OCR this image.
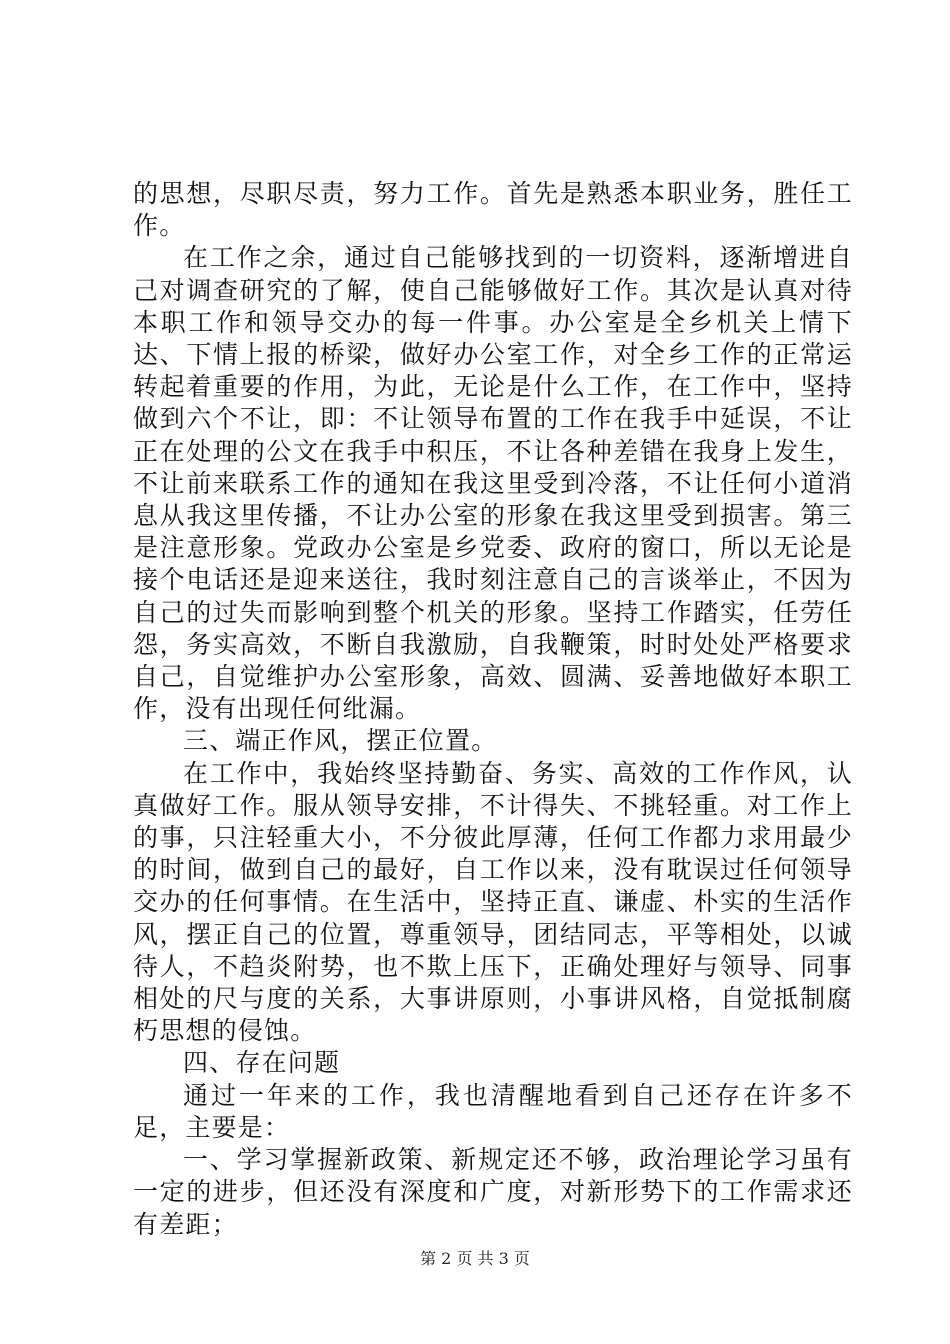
的思想，尽职尽责，努力工作。首先是熟悉本职业务，胜任工作。

在工作之余，通过自己能够找到的一切资料，逐渐增进自己对调查研究的了解，使自己能够做好工作。其次是认真对待本职工作和领导交办的每一件事。办公室是全乡机关上情下达、下情上报的桥梁，做好办公室工作，对全乡工作的正常运转起着重要的作用，为此，无论是什么工作，在工作中，坚持做到六个不让，即：不让领导布置的工作在我手中延误，不让正在处理的公文在我手中积压，不让各种差错在我身上发生，不让前来联系工作的通知在我这里受到冷落，不让任何小道消息从我这里传播，不让办公室的形象在我这里受到损害。第三是注意形象。党政办公室是乡党委、政府的窗口，所以无论是接个电话还是迎来送往，我时刻注意自己的言谈举止，不因为自己的过失而影响到整个机关的形象。坚持工作踏实，任劳任怨，务实高效，不断自我激励，自我鞭策，时时处处严格要求自己，自觉维护办公室形象，高效、圆满、妥善地做好本职工作，没有出现任何纰漏。

三、端正作风，摆正位置。

在工作中，我始终坚持勤奋、务实、高效的工作作风，认真做好工作。服从领导安排，不计得失、不挑轻重。对工作上的事，只注轻重大小，不分彼此厚薄，任何工作都力求用最少的时间，做到自己的最好，自工作以来，没有耽误过任何领导交办的任何事情。在生活中，坚持正直、谦虚、朴实的生活作风，摆正自己的位置，尊重领导，团结同志，平等相处，以诚待人，不趋炎附势，也不欺上压下，正确处理好与领导、同事相处的尺与度的关系，大事讲原则，小事讲风格，自觉抵制腐朽思想的侵蚀。

四、存在问题

通过一年来的工作，我也清醒地看到自己还存在许多不足，主要是：

一、学习掌握新政策、新规定还不够，政治理论学习虽有一定的进步，但还没有深度和广度，对新形势下的工作需求还有差距；

第 2 页 共 3 页
